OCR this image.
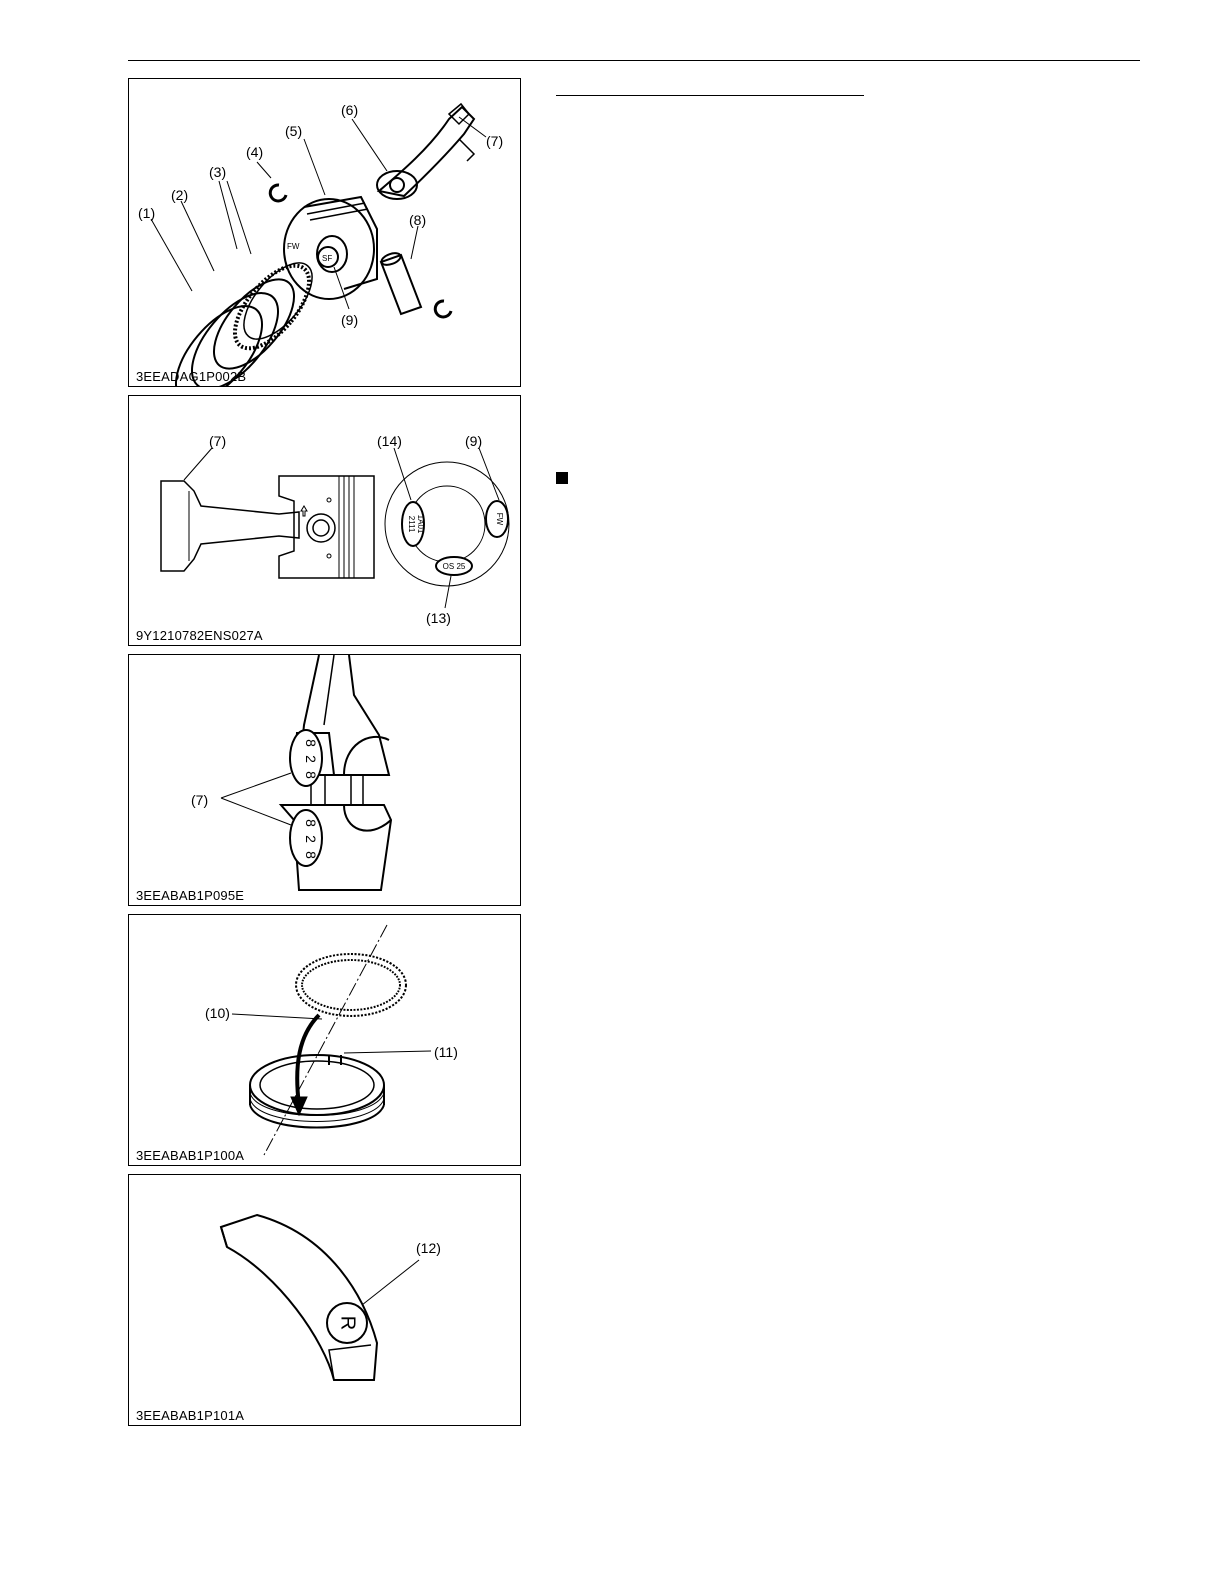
SF
FW
(1)
(2)
(3)
(4)
(5)
(6)
(7)
(8)
(9)
3EEADAG1P002B
1A01
2111	FW
OS 25
(7)	(14)	(9)
(13)
9Y1210782ENS027A
8
2
8
8
2
8
(7)
3EEABAB1P095E
(10)
(11)
3EEABAB1P100A
R
(12)
3EEABAB1P101A
